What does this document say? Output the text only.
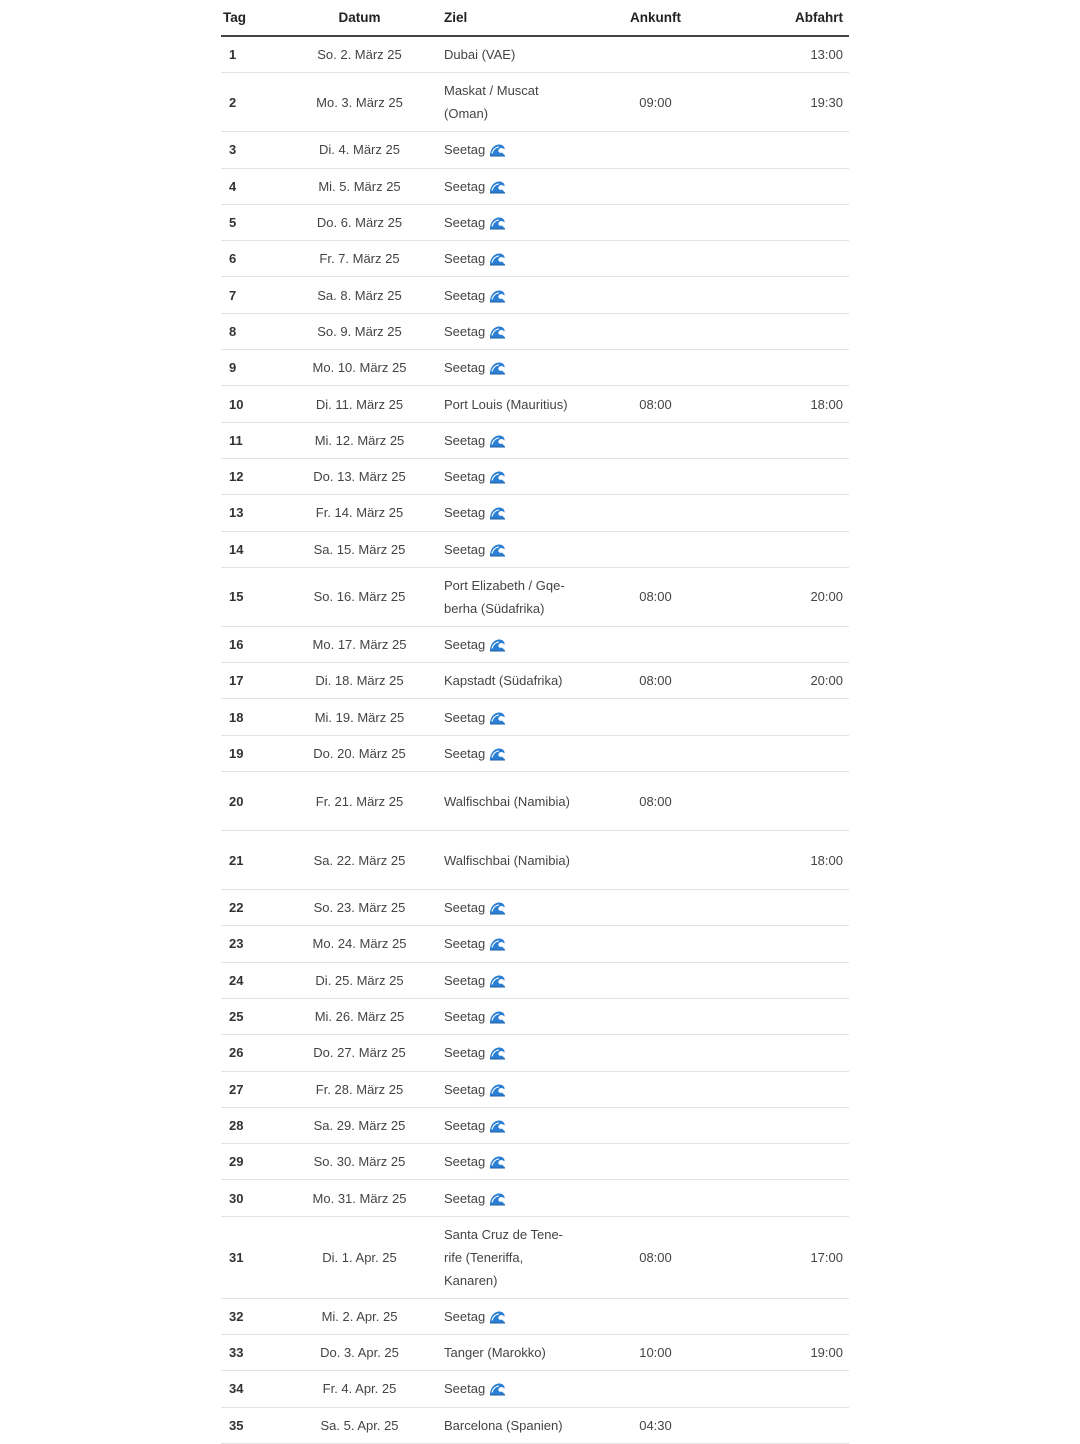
Tag	Datum	Ziel	Ankunft	Abfahrt
1	So. 2. März 25	Dubai (VAE)		13:00
2	Mo. 3. März 25	Maskat / Muscat (Oman)	09:00	19:30
3	Di. 4. März 25	Seetag		
4	Mi. 5. März 25	Seetag		
5	Do. 6. März 25	Seetag		
6	Fr. 7. März 25	Seetag		
7	Sa. 8. März 25	Seetag		
8	So. 9. März 25	Seetag		
9	Mo. 10. März 25	Seetag		
10	Di. 11. März 25	Port Louis (Mauritius)	08:00	18:00
11	Mi. 12. März 25	Seetag		
12	Do. 13. März 25	Seetag		
13	Fr. 14. März 25	Seetag		
14	Sa. 15. März 25	Seetag		
15	So. 16. März 25	Port Elizabeth / Gqeberha (Südafrika)	08:00	20:00
16	Mo. 17. März 25	Seetag		
17	Di. 18. März 25	Kapstadt (Südafrika)	08:00	20:00
18	Mi. 19. März 25	Seetag		
19	Do. 20. März 25	Seetag		
20	Fr. 21. März 25	Walfischbai (Namibia)	08:00	
21	Sa. 22. März 25	Walfischbai (Namibia)		18:00
22	So. 23. März 25	Seetag		
23	Mo. 24. März 25	Seetag		
24	Di. 25. März 25	Seetag		
25	Mi. 26. März 25	Seetag		
26	Do. 27. März 25	Seetag		
27	Fr. 28. März 25	Seetag		
28	Sa. 29. März 25	Seetag		
29	So. 30. März 25	Seetag		
30	Mo. 31. März 25	Seetag		
31	Di. 1. Apr. 25	Santa Cruz de Tenerife (Teneriffa, Kanaren)	08:00	17:00
32	Mi. 2. Apr. 25	Seetag		
33	Do. 3. Apr. 25	Tanger (Marokko)	10:00	19:00
34	Fr. 4. Apr. 25	Seetag		
35	Sa. 5. Apr. 25	Barcelona (Spanien)	04:30	
